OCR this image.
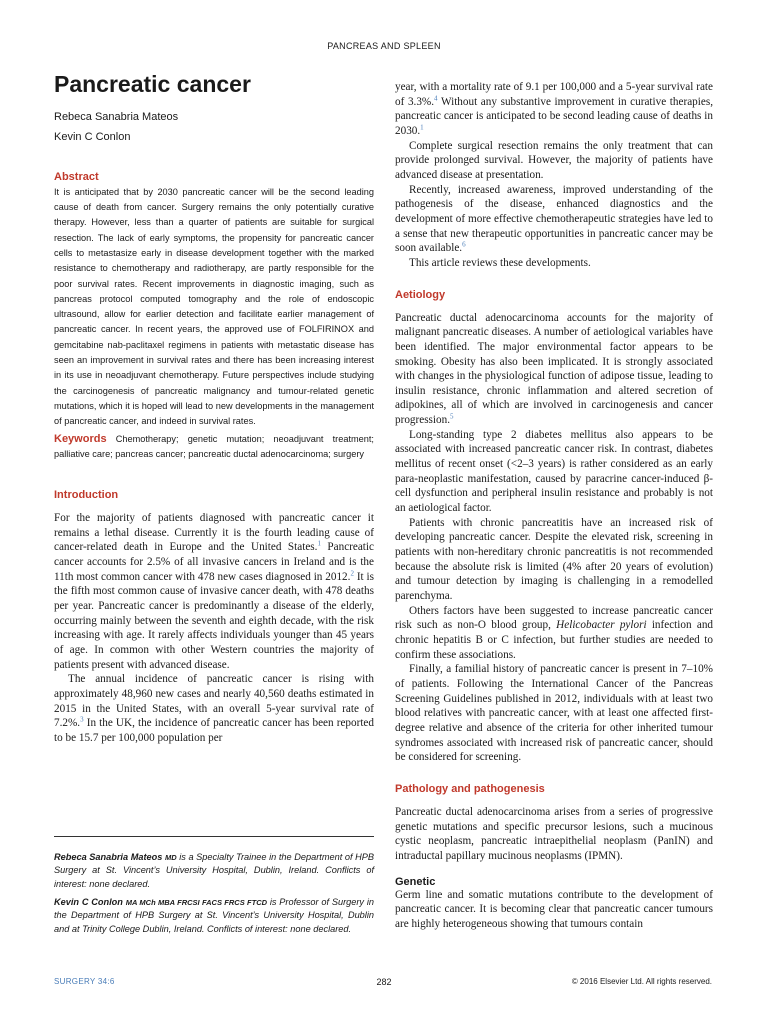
PANCREAS AND SPLEEN
Pancreatic cancer

Rebeca Sanabria Mateos

Kevin C Conlon

Abstract

It is anticipated that by 2030 pancreatic cancer will be the second leading cause of death from cancer. Surgery remains the only potentially curative therapy. However, less than a quarter of patients are suitable for surgical resection. The lack of early symptoms, the propensity for pancreatic cancer cells to metastasize early in disease development together with the marked resistance to chemotherapy and radiotherapy, are partly responsible for the poor survival rates. Recent improvements in diagnostic imaging, such as pancreas protocol computed tomography and the role of endoscopic ultrasound, allow for earlier detection and facilitate earlier management of pancreatic cancer. In recent years, the approved use of FOLFIRINOX and gemcitabine nab-paclitaxel regimens in patients with metastatic disease has seen an improvement in survival rates and there has been increasing interest in its use in neoadjuvant chemotherapy. Future perspectives include studying the carcinogenesis of pancreatic malignancy and tumour-related genetic mutations, which it is hoped will lead to new developments in the management of pancreatic cancer, and indeed in survival rates.

Keywords Chemotherapy; genetic mutation; neoadjuvant treatment; palliative care; pancreas cancer; pancreatic ductal adenocarcinoma; surgery

Introduction

For the majority of patients diagnosed with pancreatic cancer it remains a lethal disease. Currently it is the fourth leading cause of cancer-related death in Europe and the United States.$^1$ Pancreatic cancer accounts for 2.5% of all invasive cancers in Ireland and is the 11th most common cancer with 478 new cases diagnosed in 2012.$^2$ It is the fifth most common cause of invasive cancer death, with 478 deaths per year. Pancreatic cancer is predominantly a disease of the elderly, occurring mainly between the seventh and eighth decade, with the risk increasing with age. It rarely affects individuals younger than 45 years of age. In common with other Western countries the majority of patients present with advanced disease.

The annual incidence of pancreatic cancer is rising with approximately 48,960 new cases and nearly 40,560 deaths estimated in 2015 in the United States, with an overall 5-year survival rate of 7.2%.$^3$ In the UK, the incidence of pancreatic cancer has been reported to be 15.7 per 100,000 population per

Rebeca Sanabria Mateos MD is a Specialty Trainee in the Department of HPB Surgery at St. Vincent’s University Hospital, Dublin, Ireland. Conflicts of interest: none declared.

Kevin C Conlon MA MCh MBA FRCSI FACS FRCS FTCD is Professor of Surgery in the Department of HPB Surgery at St. Vincent’s University Hospital, Dublin and at Trinity College Dublin, Ireland. Conflicts of interest: none declared.

year, with a mortality rate of 9.1 per 100,000 and a 5-year survival rate of 3.3%.$^4$ Without any substantive improvement in curative therapies, pancreatic cancer is anticipated to be second leading cause of deaths in 2030.$^1$

Complete surgical resection remains the only treatment that can provide prolonged survival. However, the majority of patients have advanced disease at presentation.

Recently, increased awareness, improved understanding of the pathogenesis of the disease, enhanced diagnostics and the development of more effective chemotherapeutic strategies have led to a sense that new therapeutic opportunities in pancreatic cancer may be soon available.$^6$

This article reviews these developments.

Aetiology

Pancreatic ductal adenocarcinoma accounts for the majority of malignant pancreatic diseases. A number of aetiological variables have been identified. The major environmental factor appears to be smoking. Obesity has also been implicated. It is strongly associated with changes in the physiological function of adipose tissue, leading to insulin resistance, chronic inflammation and altered secretion of adipokines, all of which are involved in carcinogenesis and cancer progression.$^5$

Long-standing type 2 diabetes mellitus also appears to be associated with increased pancreatic cancer risk. In contrast, diabetes mellitus of recent onset (<2–3 years) is rather considered as an early para-neoplastic manifestation, caused by paracrine cancer-induced β-cell dysfunction and peripheral insulin resistance and probably is not an aetiological factor.

Patients with chronic pancreatitis have an increased risk of developing pancreatic cancer. Despite the elevated risk, screening in patients with non-hereditary chronic pancreatitis is not recommended because the absolute risk is limited (4% after 20 years of evolution) and tumour detection by imaging is challenging in a remodelled parenchyma.

Others factors have been suggested to increase pancreatic cancer risk such as non-O blood group, Helicobacter pylori infection and chronic hepatitis B or C infection, but further studies are needed to confirm these associations.

Finally, a familial history of pancreatic cancer is present in 7–10% of patients. Following the International Cancer of the Pancreas Screening Guidelines published in 2012, individuals with at least two blood relatives with pancreatic cancer, with at least one affected first-degree relative and absence of the criteria for other inherited tumour syndromes associated with increased risk of pancreatic cancer, should be considered for screening.

Pathology and pathogenesis

Pancreatic ductal adenocarcinoma arises from a series of progressive genetic mutations and specific precursor lesions, such a mucinous cystic neoplasm, pancreatic intraepithelial neoplasm (PanIN) and intraductal papillary mucinous neoplasms (IPMN).

Genetic

Germ line and somatic mutations contribute to the development of pancreatic cancer. It is becoming clear that pancreatic cancer tumours are highly heterogeneous showing that tumours contain

SURGERY 34:6	282	© 2016 Elsevier Ltd. All rights reserved.
